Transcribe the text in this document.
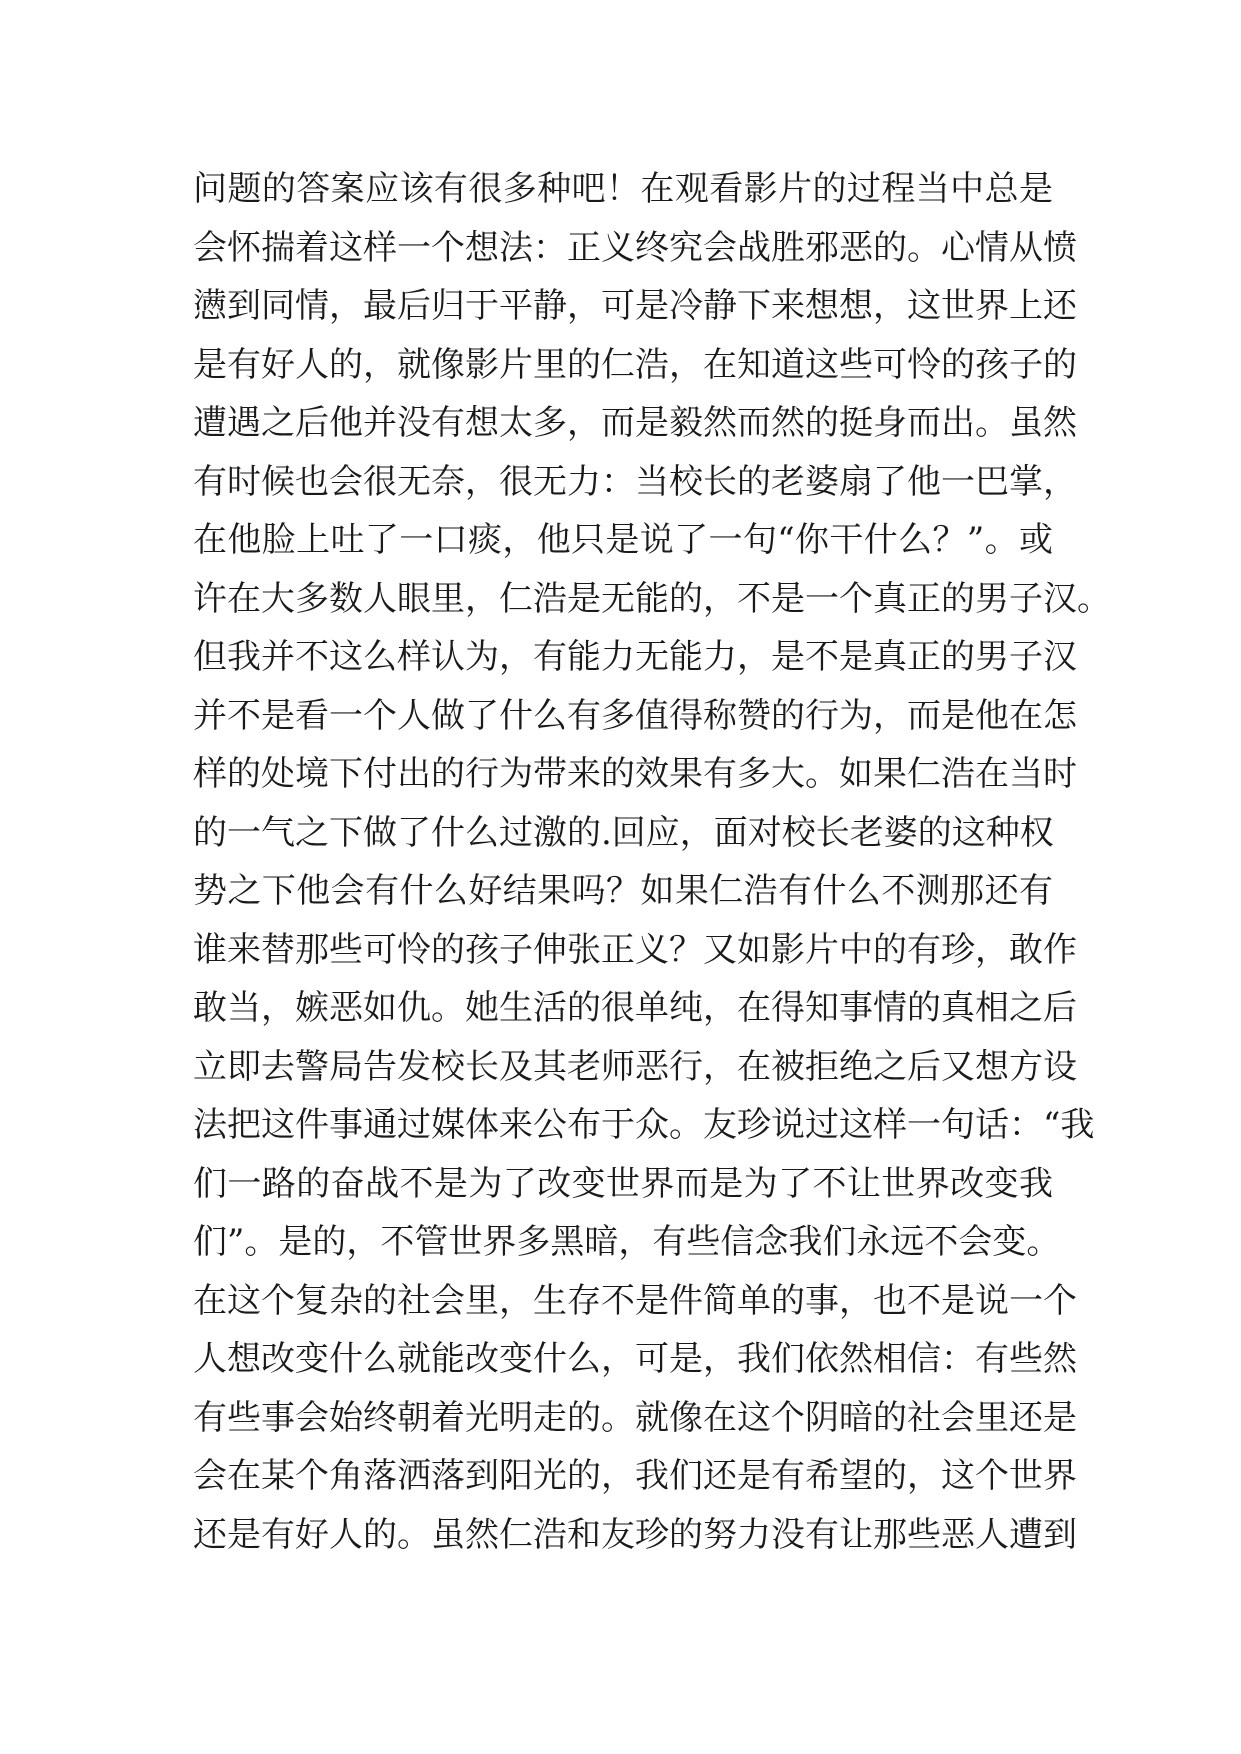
问题的答案应该有很多种吧！在观看影片的过程当中总是
会怀揣着这样一个想法：正义终究会战胜邪恶的。心情从愤
懑到同情，最后归于平静，可是冷静下来想想，这世界上还
是有好人的，就像影片里的仁浩，在知道这些可怜的孩子的
遭遇之后他并没有想太多，而是毅然而然的挺身而出。虽然
有时候也会很无奈，很无力：当校长的老婆扇了他一巴掌，
在他脸上吐了一口痰，他只是说了一句“你干什么？”。或
许在大多数人眼里，仁浩是无能的，不是一个真正的男子汉。
但我并不这么样认为，有能力无能力，是不是真正的男子汉
并不是看一个人做了什么有多值得称赞的行为，而是他在怎
样的处境下付出的行为带来的效果有多大。如果仁浩在当时
的一气之下做了什么过激的.回应，面对校长老婆的这种权
势之下他会有什么好结果吗？如果仁浩有什么不测那还有
谁来替那些可怜的孩子伸张正义？又如影片中的有珍，敢作
敢当，嫉恶如仇。她生活的很单纯，在得知事情的真相之后
立即去警局告发校长及其老师恶行，在被拒绝之后又想方设
法把这件事通过媒体来公布于众。友珍说过这样一句话：“我
们一路的奋战不是为了改变世界而是为了不让世界改变我
们”。是的，不管世界多黑暗，有些信念我们永远不会变。
在这个复杂的社会里，生存不是件简单的事，也不是说一个
人想改变什么就能改变什么，可是，我们依然相信：有些然
有些事会始终朝着光明走的。就像在这个阴暗的社会里还是
会在某个角落洒落到阳光的，我们还是有希望的，这个世界
还是有好人的。虽然仁浩和友珍的努力没有让那些恶人遭到
